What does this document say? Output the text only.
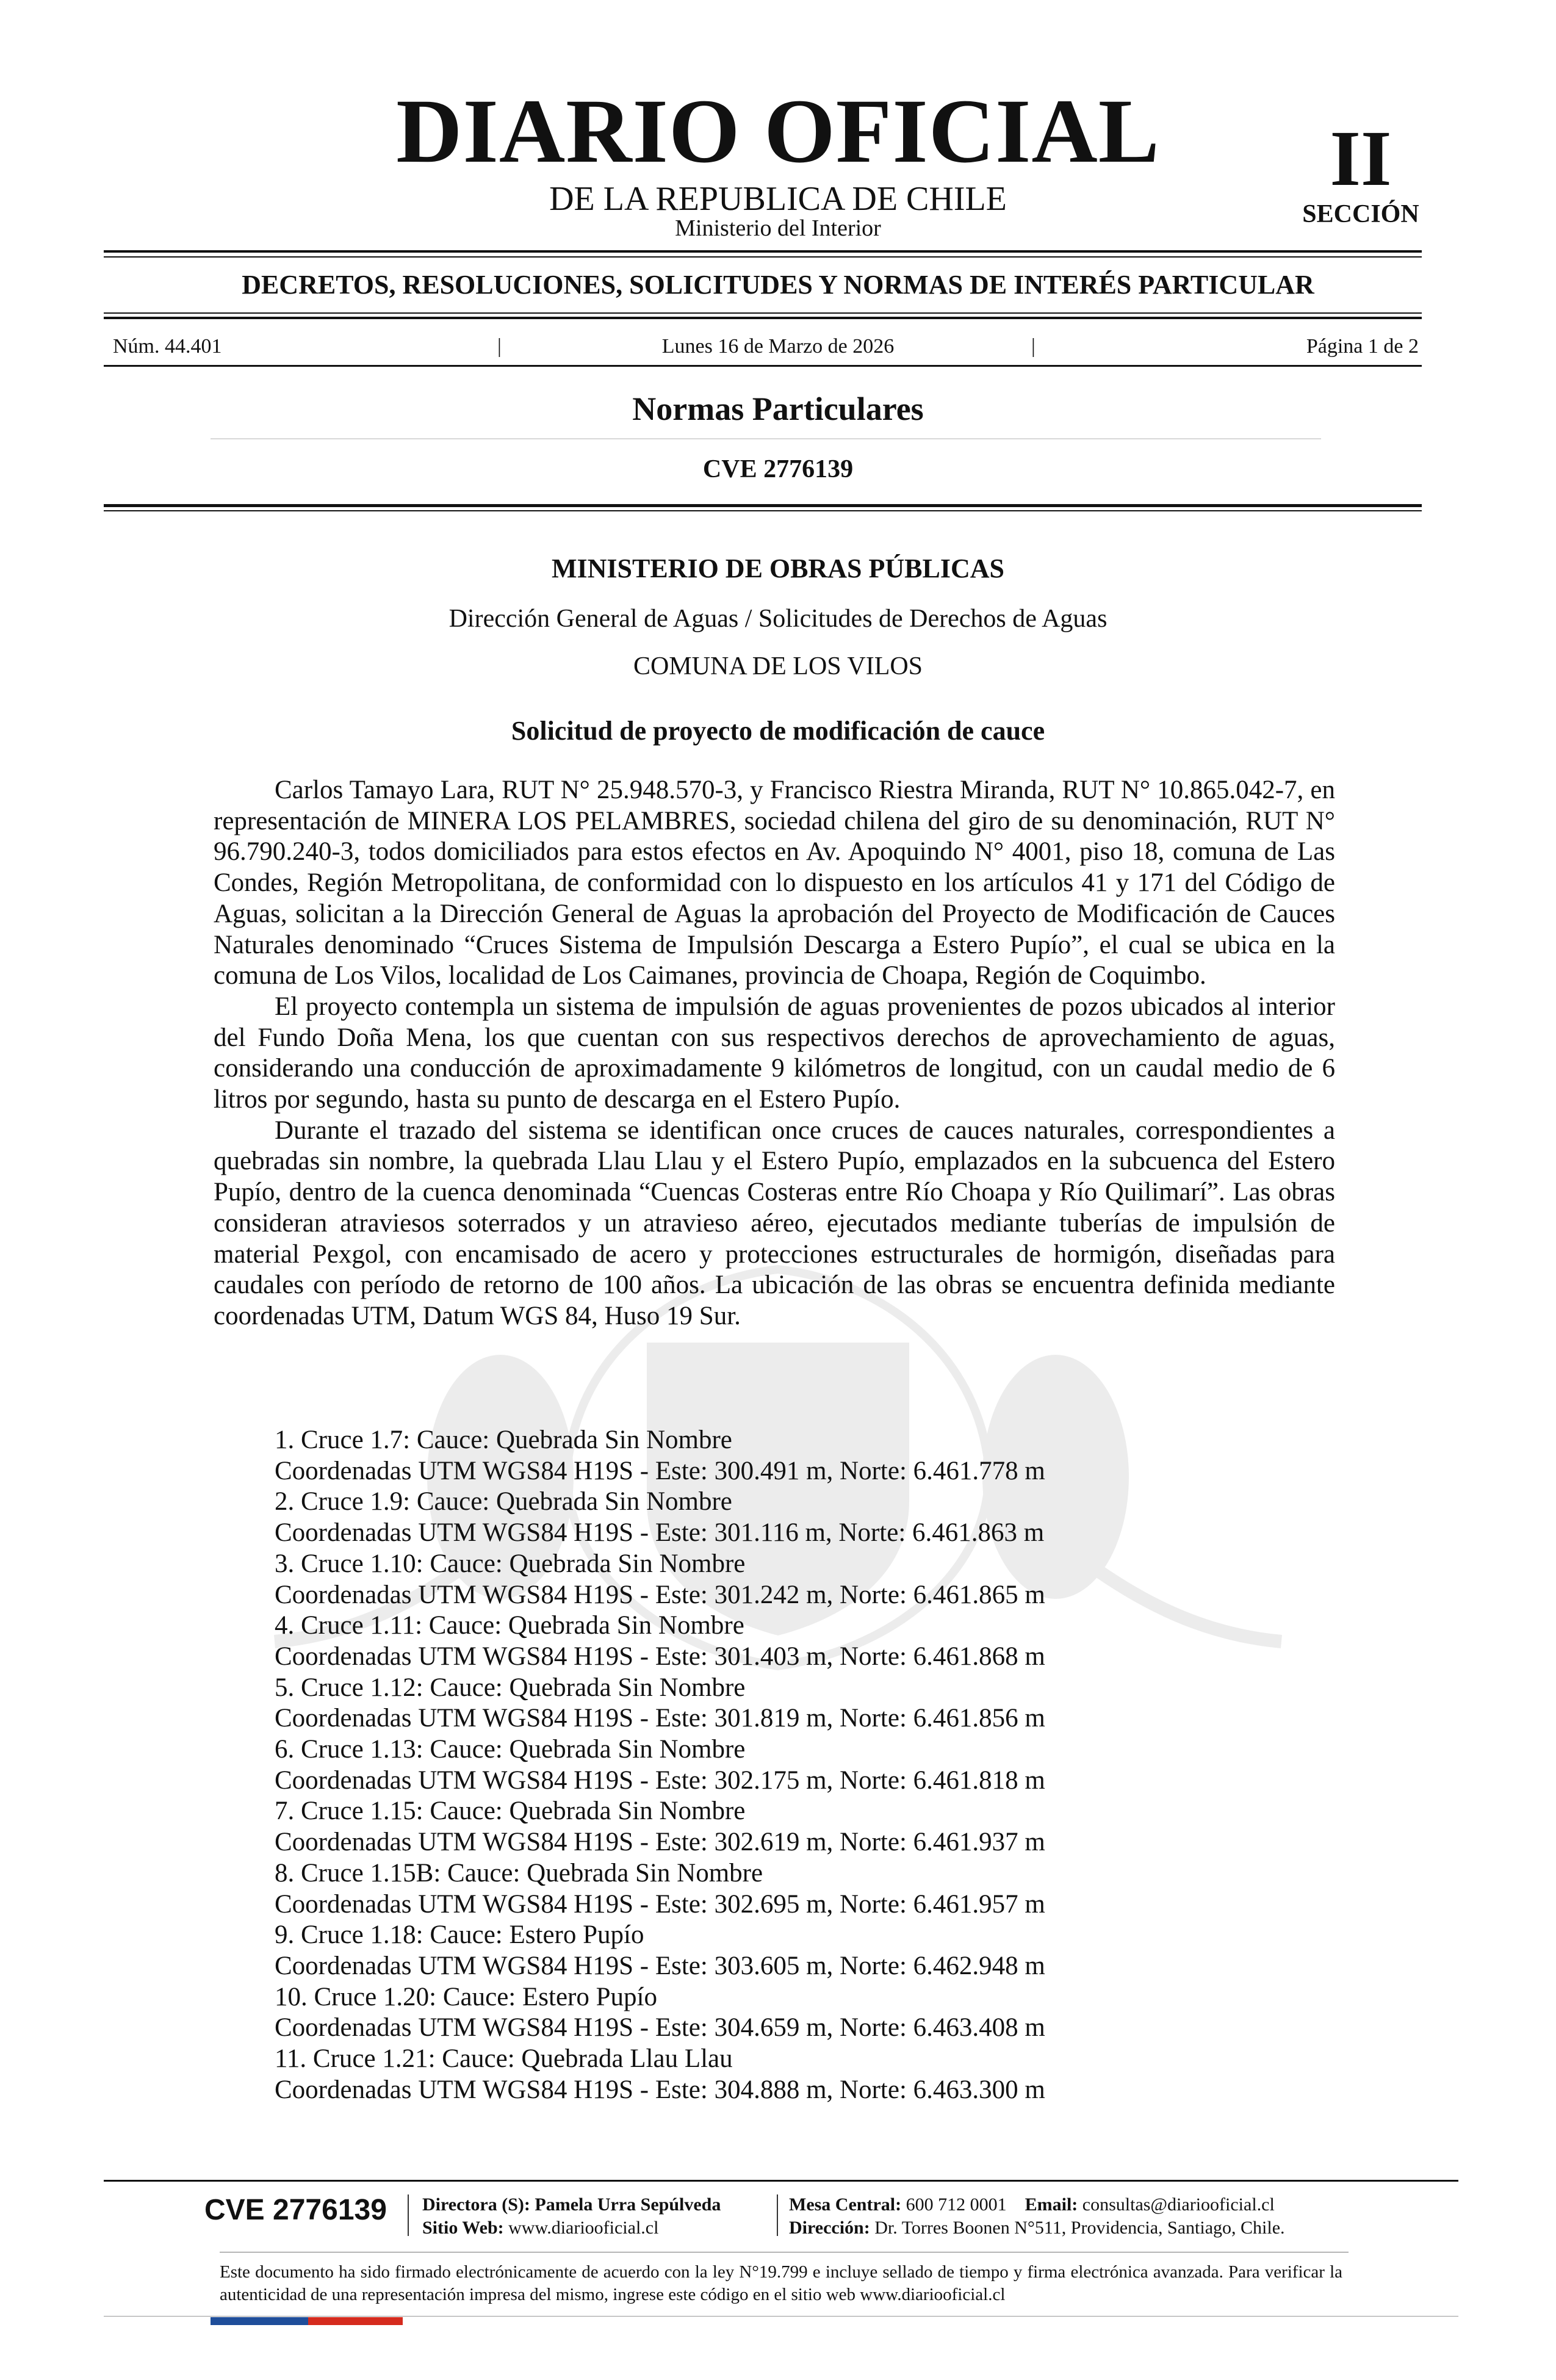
DIARIO OFICIAL
DE LA REPUBLICA DE CHILE
Ministerio del Interior
II
SECCIÓN
DECRETOS, RESOLUCIONES, SOLICITUDES Y NORMAS DE INTERÉS PARTICULAR
Núm. 44.401	|	Lunes 16 de Marzo de 2026	|	Página 1 de 2
Normas Particulares
CVE 2776139
MINISTERIO DE OBRAS PÚBLICAS
Dirección General de Aguas / Solicitudes de Derechos de Aguas
COMUNA DE LOS VILOS
Solicitud de proyecto de modificación de cauce

Carlos Tamayo Lara, RUT N° 25.948.570-3, y Francisco Riestra Miranda, RUT N° 10.865.042-7, en representación de MINERA LOS PELAMBRES, sociedad chilena del giro de su denominación, RUT N° 96.790.240-3, todos domiciliados para estos efectos en Av. Apoquindo N° 4001, piso 18, comuna de Las Condes, Región Metropolitana, de conformidad con lo dispuesto en los artículos 41 y 171 del Código de Aguas, solicitan a la Dirección General de Aguas la aprobación del Proyecto de Modificación de Cauces Naturales denominado “Cruces Sistema de Impulsión Descarga a Estero Pupío”, el cual se ubica en la comuna de Los Vilos, localidad de Los Caimanes, provincia de Choapa, Región de Coquimbo.

El proyecto contempla un sistema de impulsión de aguas provenientes de pozos ubicados al interior del Fundo Doña Mena, los que cuentan con sus respectivos derechos de aprovechamiento de aguas, considerando una conducción de aproximadamente 9 kilómetros de longitud, con un caudal medio de 6 litros por segundo, hasta su punto de descarga en el Estero Pupío.

Durante el trazado del sistema se identifican once cruces de cauces naturales, correspondientes a quebradas sin nombre, la quebrada Llau Llau y el Estero Pupío, emplazados en la subcuenca del Estero Pupío, dentro de la cuenca denominada “Cuencas Costeras entre Río Choapa y Río Quilimarí”. Las obras consideran atraviesos soterrados y un atravieso aéreo, ejecutados mediante tuberías de impulsión de material Pexgol, con encamisado de acero y protecciones estructurales de hormigón, diseñadas para caudales con período de retorno de 100 años. La ubicación de las obras se encuentra definida mediante coordenadas UTM, Datum WGS 84, Huso 19 Sur.

1. Cruce 1.7: Cauce: Quebrada Sin Nombre
Coordenadas UTM WGS84 H19S - Este: 300.491 m, Norte: 6.461.778 m
2. Cruce 1.9: Cauce: Quebrada Sin Nombre
Coordenadas UTM WGS84 H19S - Este: 301.116 m, Norte: 6.461.863 m
3. Cruce 1.10: Cauce: Quebrada Sin Nombre
Coordenadas UTM WGS84 H19S - Este: 301.242 m, Norte: 6.461.865 m
4. Cruce 1.11: Cauce: Quebrada Sin Nombre
Coordenadas UTM WGS84 H19S - Este: 301.403 m, Norte: 6.461.868 m
5. Cruce 1.12: Cauce: Quebrada Sin Nombre
Coordenadas UTM WGS84 H19S - Este: 301.819 m, Norte: 6.461.856 m
6. Cruce 1.13: Cauce: Quebrada Sin Nombre
Coordenadas UTM WGS84 H19S - Este: 302.175 m, Norte: 6.461.818 m
7. Cruce 1.15: Cauce: Quebrada Sin Nombre
Coordenadas UTM WGS84 H19S - Este: 302.619 m, Norte: 6.461.937 m
8. Cruce 1.15B: Cauce: Quebrada Sin Nombre
Coordenadas UTM WGS84 H19S - Este: 302.695 m, Norte: 6.461.957 m
9. Cruce 1.18: Cauce: Estero Pupío
Coordenadas UTM WGS84 H19S - Este: 303.605 m, Norte: 6.462.948 m
10. Cruce 1.20: Cauce: Estero Pupío
Coordenadas UTM WGS84 H19S - Este: 304.659 m, Norte: 6.463.408 m
11. Cruce 1.21: Cauce: Quebrada Llau Llau
Coordenadas UTM WGS84 H19S - Este: 304.888 m, Norte: 6.463.300 m
CVE 2776139 Directora (S): Pamela Urra Sepúlveda
Sitio Web: www.diariooficial.cl
Mesa Central: 600 712 0001 Email: consultas@diariooficial.cl
Dirección: Dr. Torres Boonen N°511, Providencia, Santiago, Chile.
Este documento ha sido firmado electrónicamente de acuerdo con la ley N°19.799 e incluye sellado de tiempo y firma electrónica avanzada. Para verificar la autenticidad de una representación impresa del mismo, ingrese este código en el sitio web www.diariooficial.cl
